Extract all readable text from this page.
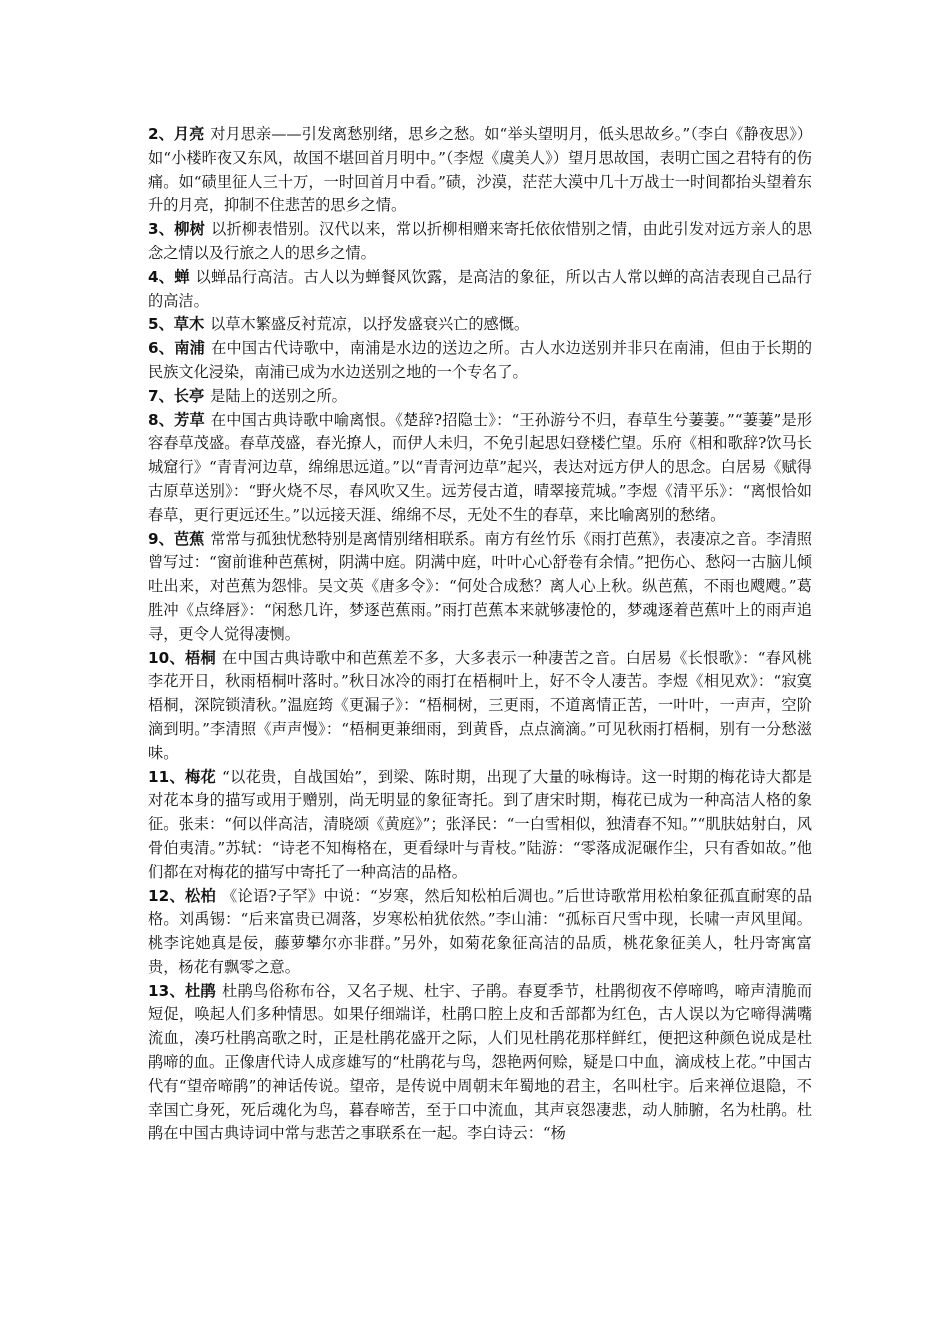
2、月亮 对月思亲——引发离愁别绪，思乡之愁。如“举头望明月，低头思故乡。”（李白《静夜思》）如“小楼昨夜又东风，故国不堪回首月明中。”（李煜《虞美人》）望月思故国，表明亡国之君特有的伤痛。如“碛里征人三十万，一时回首月中看。”碛，沙漠，茫茫大漠中几十万战士一时间都抬头望着东升的月亮，抑制不住悲苦的思乡之情。

3、柳树 以折柳表惜别。汉代以来，常以折柳相赠来寄托依依惜别之情，由此引发对远方亲人的思念之情以及行旅之人的思乡之情。

4、蝉 以蝉品行高洁。古人以为蝉餐风饮露，是高洁的象征，所以古人常以蝉的高洁表现自己品行的高洁。

5、草木 以草木繁盛反衬荒凉，以抒发盛衰兴亡的感慨。

6、南浦 在中国古代诗歌中，南浦是水边的送边之所。古人水边送别并非只在南浦，但由于长期的民族文化浸染，南浦已成为水边送别之地的一个专名了。

7、长亭 是陆上的送别之所。

8、芳草 在中国古典诗歌中喻离恨。《楚辞?招隐士》：“王孙游兮不归，春草生兮萋萋。”“萋萋”是形容春草茂盛。春草茂盛，春光撩人，而伊人未归，不免引起思妇登楼伫望。乐府《相和歌辞?饮马长城窟行》“青青河边草，绵绵思远道。”以“青青河边草”起兴，表达对远方伊人的思念。白居易《赋得古原草送别》：“野火烧不尽，春风吹又生。远芳侵古道，晴翠接荒城。”李煜《清平乐》：“离恨恰如春草，更行更远还生。”以远接天涯、绵绵不尽，无处不生的春草，来比喻离别的愁绪。

9、芭蕉 常常与孤独忧愁特别是离情别绪相联系。南方有丝竹乐《雨打芭蕉》，表凄凉之音。李清照曾写过：“窗前谁种芭蕉树，阴满中庭。阴满中庭，叶叶心心舒卷有余情。”把伤心、愁闷一古脑儿倾吐出来，对芭蕉为怨悱。吴文英《唐多令》：“何处合成愁？离人心上秋。纵芭蕉，不雨也飕飕。”葛胜冲《点绛唇》：“闲愁几许，梦逐芭蕉雨。”雨打芭蕉本来就够凄怆的，梦魂逐着芭蕉叶上的雨声追寻，更令人觉得凄恻。

10、梧桐 在中国古典诗歌中和芭蕉差不多，大多表示一种凄苦之音。白居易《长恨歌》：“春风桃李花开日，秋雨梧桐叶落时。”秋日冰冷的雨打在梧桐叶上，好不令人凄苦。李煜《相见欢》：“寂寞梧桐，深院锁清秋。”温庭筠《更漏子》：“梧桐树，三更雨，不道离情正苦，一叶叶，一声声，空阶滴到明。”李清照《声声慢》：“梧桐更兼细雨，到黄昏，点点滴滴。”可见秋雨打梧桐，别有一分愁滋味。

11、梅花 “以花贵，自战国始”，到梁、陈时期，出现了大量的咏梅诗。这一时期的梅花诗大都是对花本身的描写或用于赠别，尚无明显的象征寄托。到了唐宋时期，梅花已成为一种高洁人格的象征。张耒：“何以伴高洁，清晓颂《黄庭》”；张泽民：“一白雪相似，独清春不知。”“肌肤姑射白，风骨伯夷清。”苏轼：“诗老不知梅格在，更看绿叶与青枝。”陆游：“零落成泥碾作尘，只有香如故。”他们都在对梅花的描写中寄托了一种高洁的品格。

12、松柏 《论语?子罕》中说：“岁寒，然后知松柏后凋也。”后世诗歌常用松柏象征孤直耐寒的品格。刘禹锡：“后来富贵已凋落，岁寒松柏犹依然。”李山浦：“孤标百尺雪中现，长啸一声风里闻。桃李诧她真是佞，藤萝攀尔亦非群。”另外，如菊花象征高洁的品质，桃花象征美人，牡丹寄寓富贵，杨花有飘零之意。

13、杜鹃 杜鹃鸟俗称布谷，又名子规、杜宇、子鹃。春夏季节，杜鹃彻夜不停啼鸣，啼声清脆而短促，唤起人们多种情思。如果仔细端详，杜鹃口腔上皮和舌部都为红色，古人误以为它啼得满嘴流血，凑巧杜鹃高歌之时，正是杜鹃花盛开之际，人们见杜鹃花那样鲜红，便把这种颜色说成是杜鹃啼的血。正像唐代诗人成彦雄写的“杜鹃花与鸟，怨艳两何赊，疑是口中血，滴成枝上花。”中国古代有“望帝啼鹃”的神话传说。望帝，是传说中周朝末年蜀地的君主，名叫杜宇。后来禅位退隐，不幸国亡身死，死后魂化为鸟，暮春啼苦，至于口中流血，其声哀怨凄悲，动人肺腑，名为杜鹃。杜鹃在中国古典诗词中常与悲苦之事联系在一起。李白诗云：“杨
